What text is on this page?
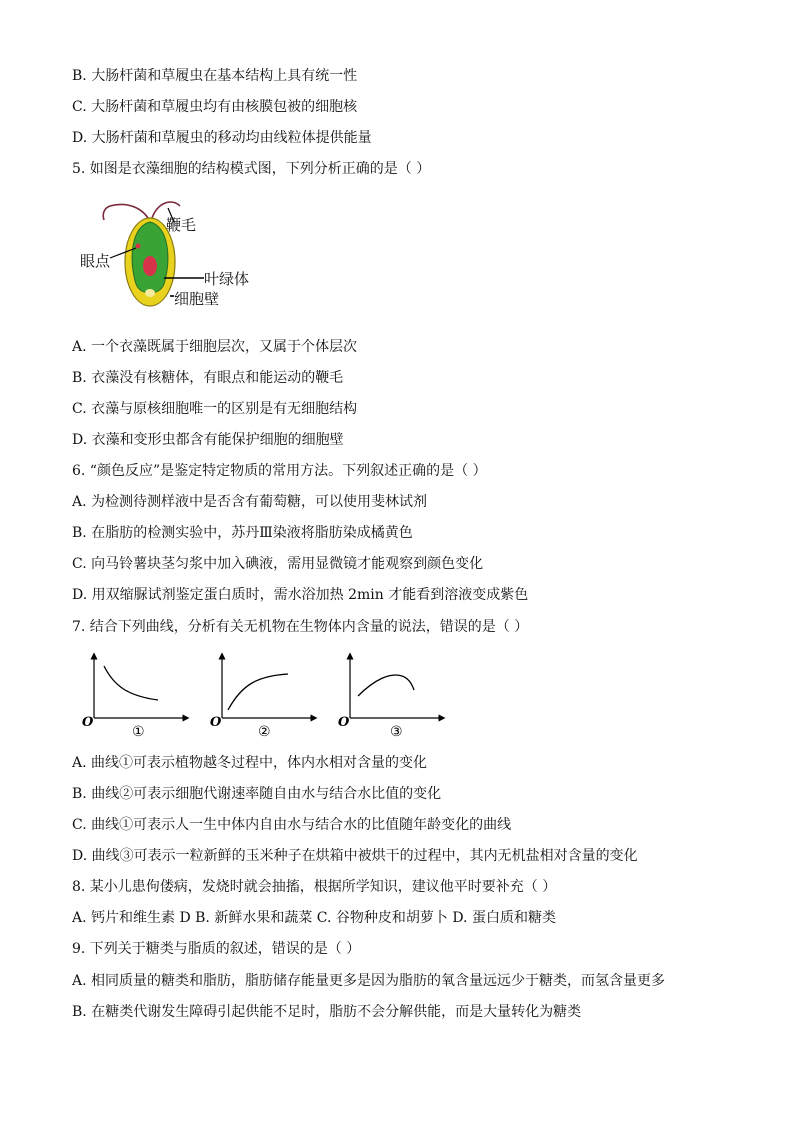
B. 大肠杆菌和草履虫在基本结构上具有统一性
C. 大肠杆菌和草履虫均有由核膜包被的细胞核
D. 大肠杆菌和草履虫的移动均由线粒体提供能量
5. 如图是衣藻细胞的结构模式图，下列分析正确的是（ ）
鞭毛
眼点
叶绿体
细胞壁
A. 一个衣藻既属于细胞层次，又属于个体层次
B. 衣藻没有核糖体，有眼点和能运动的鞭毛
C. 衣藻与原核细胞唯一的区别是有无细胞结构
D. 衣藻和变形虫都含有能保护细胞的细胞壁
6. “颜色反应”是鉴定特定物质的常用方法。下列叙述正确的是（ ）
A. 为检测待测样液中是否含有葡萄糖，可以使用斐林试剂
B. 在脂肪的检测实验中，苏丹Ⅲ染液将脂肪染成橘黄色
C. 向马铃薯块茎匀浆中加入碘液，需用显微镜才能观察到颜色变化
D. 用双缩脲试剂鉴定蛋白质时，需水浴加热 2min 才能看到溶液变成紫色
7. 结合下列曲线，分析有关无机物在生物体内含量的说法，错误的是（ ）
O
①
O
②
O
③
A. 曲线①可表示植物越冬过程中，体内水相对含量的变化
B. 曲线②可表示细胞代谢速率随自由水与结合水比值的变化
C. 曲线①可表示人一生中体内自由水与结合水的比值随年龄变化的曲线
D. 曲线③可表示一粒新鲜的玉米种子在烘箱中被烘干的过程中，其内无机盐相对含量的变化
8. 某小儿患佝偻病，发烧时就会抽搐，根据所学知识，建议他平时要补充（ ）
A. 钙片和维生素 D B. 新鲜水果和蔬菜 C. 谷物种皮和胡萝卜 D. 蛋白质和糖类
9. 下列关于糖类与脂质的叙述，错误的是（ ）
A. 相同质量的糖类和脂肪，脂肪储存能量更多是因为脂肪的氧含量远远少于糖类，而氢含量更多
B. 在糖类代谢发生障碍引起供能不足时，脂肪不会分解供能，而是大量转化为糖类
